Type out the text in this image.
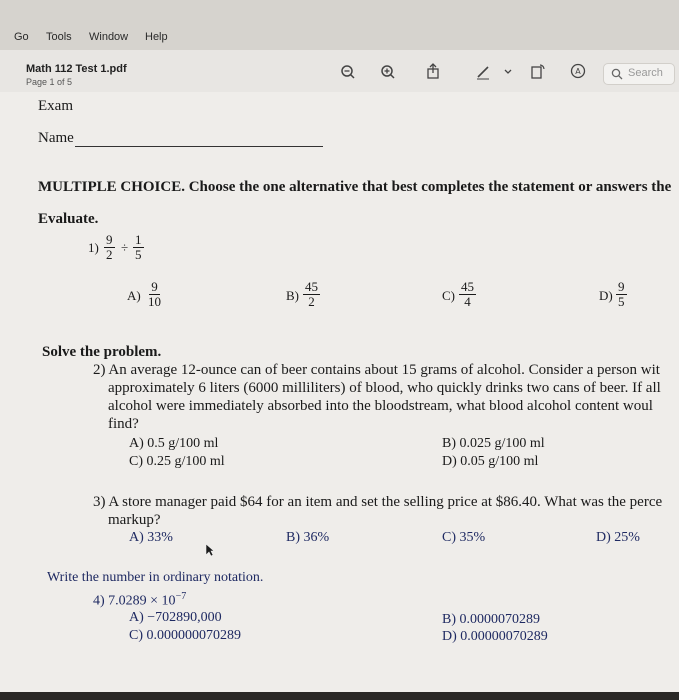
Go Tools Window Help
Math 112 Test 1.pdf
Page 1 of 5
A	Search
Exam
Name
MULTIPLE CHOICE. Choose the one alternative that best completes the statement or answers the
Evaluate.
$1) \frac{9}{2} \div \frac{1}{5}$
$A) \frac{9}{10}$	$B) \frac{45}{2}$	$C) \frac{45}{4}$	$D) \frac{9}{5}$
Solve the problem.
2) An average 12-ounce can of beer contains about 15 grams of alcohol. Consider a person wit
approximately 6 liters (6000 milliliters) of blood, who quickly drinks two cans of beer. If all
alcohol were immediately absorbed into the bloodstream, what blood alcohol content woul
find?
A) 0.5 g/100 ml	B) 0.025 g/100 ml
C) 0.25 g/100 ml	D) 0.05 g/100 ml
3) A store manager paid $64 for an item and set the selling price at $86.40. What was the perce
markup?
A) 33%	B) 36%	C) 35%	D) 25%
Write the number in ordinary notation.
4) $7.0289 \times 10^{-7}$
A) −702890,000	B) 0.0000070289
C) 0.000000070289	D) 0.00000070289
